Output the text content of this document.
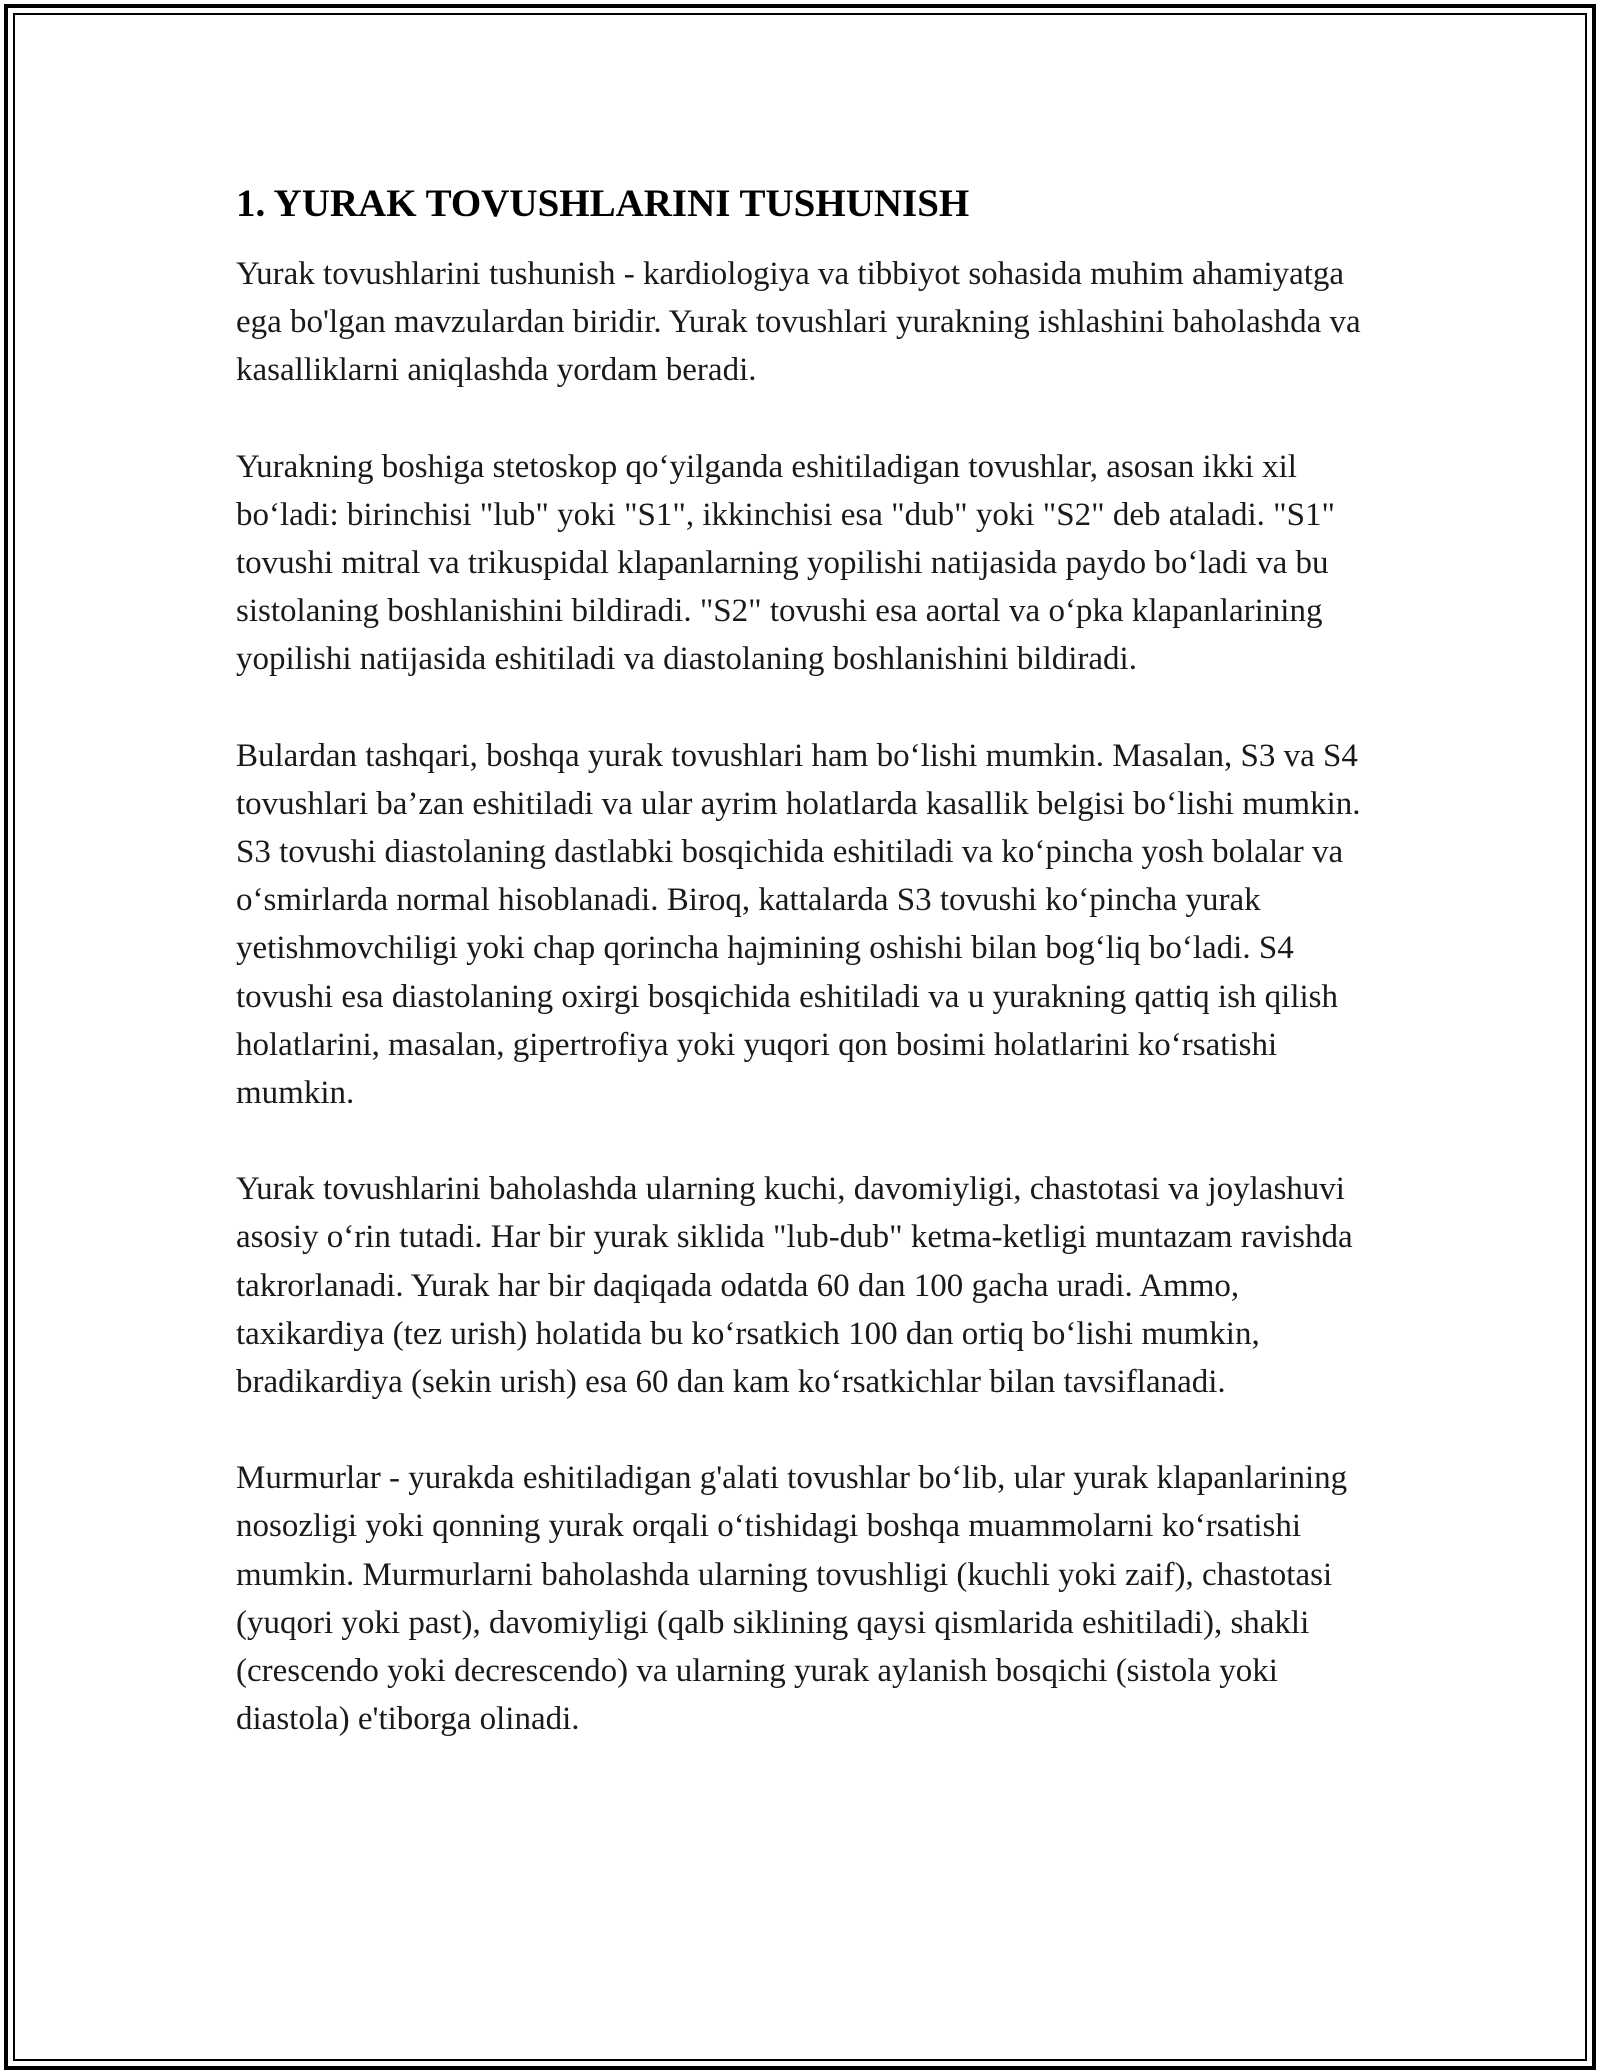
1. YURAK TOVUSHLARINI TUSHUNISH

Yurak tovushlarini tushunish - kardiologiya va tibbiyot sohasida muhim ahamiyatga ega bo'lgan mavzulardan biridir. Yurak tovushlari yurakning ishlashini baholashda va kasalliklarni aniqlashda yordam beradi.

Yurakning boshiga stetoskop qo‘yilganda eshitiladigan tovushlar, asosan ikki xil bo‘ladi: birinchisi "lub" yoki "S1", ikkinchisi esa "dub" yoki "S2" deb ataladi. "S1" tovushi mitral va trikuspidal klapanlarning yopilishi natijasida paydo bo‘ladi va bu sistolaning boshlanishini bildiradi. "S2" tovushi esa aortal va o‘pka klapanlarining yopilishi natijasida eshitiladi va diastolaning boshlanishini bildiradi.

Bulardan tashqari, boshqa yurak tovushlari ham bo‘lishi mumkin. Masalan, S3 va S4 tovushlari ba’zan eshitiladi va ular ayrim holatlarda kasallik belgisi bo‘lishi mumkin. S3 tovushi diastolaning dastlabki bosqichida eshitiladi va ko‘pincha yosh bolalar va o‘smirlarda normal hisoblanadi. Biroq, kattalarda S3 tovushi ko‘pincha yurak yetishmovchiligi yoki chap qorincha hajmining oshishi bilan bog‘liq bo‘ladi. S4 tovushi esa diastolaning oxirgi bosqichida eshitiladi va u yurakning qattiq ish qilish holatlarini, masalan, gipertrofiya yoki yuqori qon bosimi holatlarini ko‘rsatishi mumkin.

Yurak tovushlarini baholashda ularning kuchi, davomiyligi, chastotasi va joylashuvi asosiy o‘rin tutadi. Har bir yurak siklida "lub-dub" ketma-ketligi muntazam ravishda takrorlanadi. Yurak har bir daqiqada odatda 60 dan 100 gacha uradi. Ammo, taxikardiya (tez urish) holatida bu ko‘rsatkich 100 dan ortiq bo‘lishi mumkin, bradikardiya (sekin urish) esa 60 dan kam ko‘rsatkichlar bilan tavsiflanadi.

Murmurlar - yurakda eshitiladigan g'alati tovushlar bo‘lib, ular yurak klapanlarining nosozligi yoki qonning yurak orqali o‘tishidagi boshqa muammolarni ko‘rsatishi mumkin. Murmurlarni baholashda ularning tovushligi (kuchli yoki zaif), chastotasi (yuqori yoki past), davomiyligi (qalb siklining qaysi qismlarida eshitiladi), shakli (crescendo yoki decrescendo) va ularning yurak aylanish bosqichi (sistola yoki diastola) e'tiborga olinadi.
